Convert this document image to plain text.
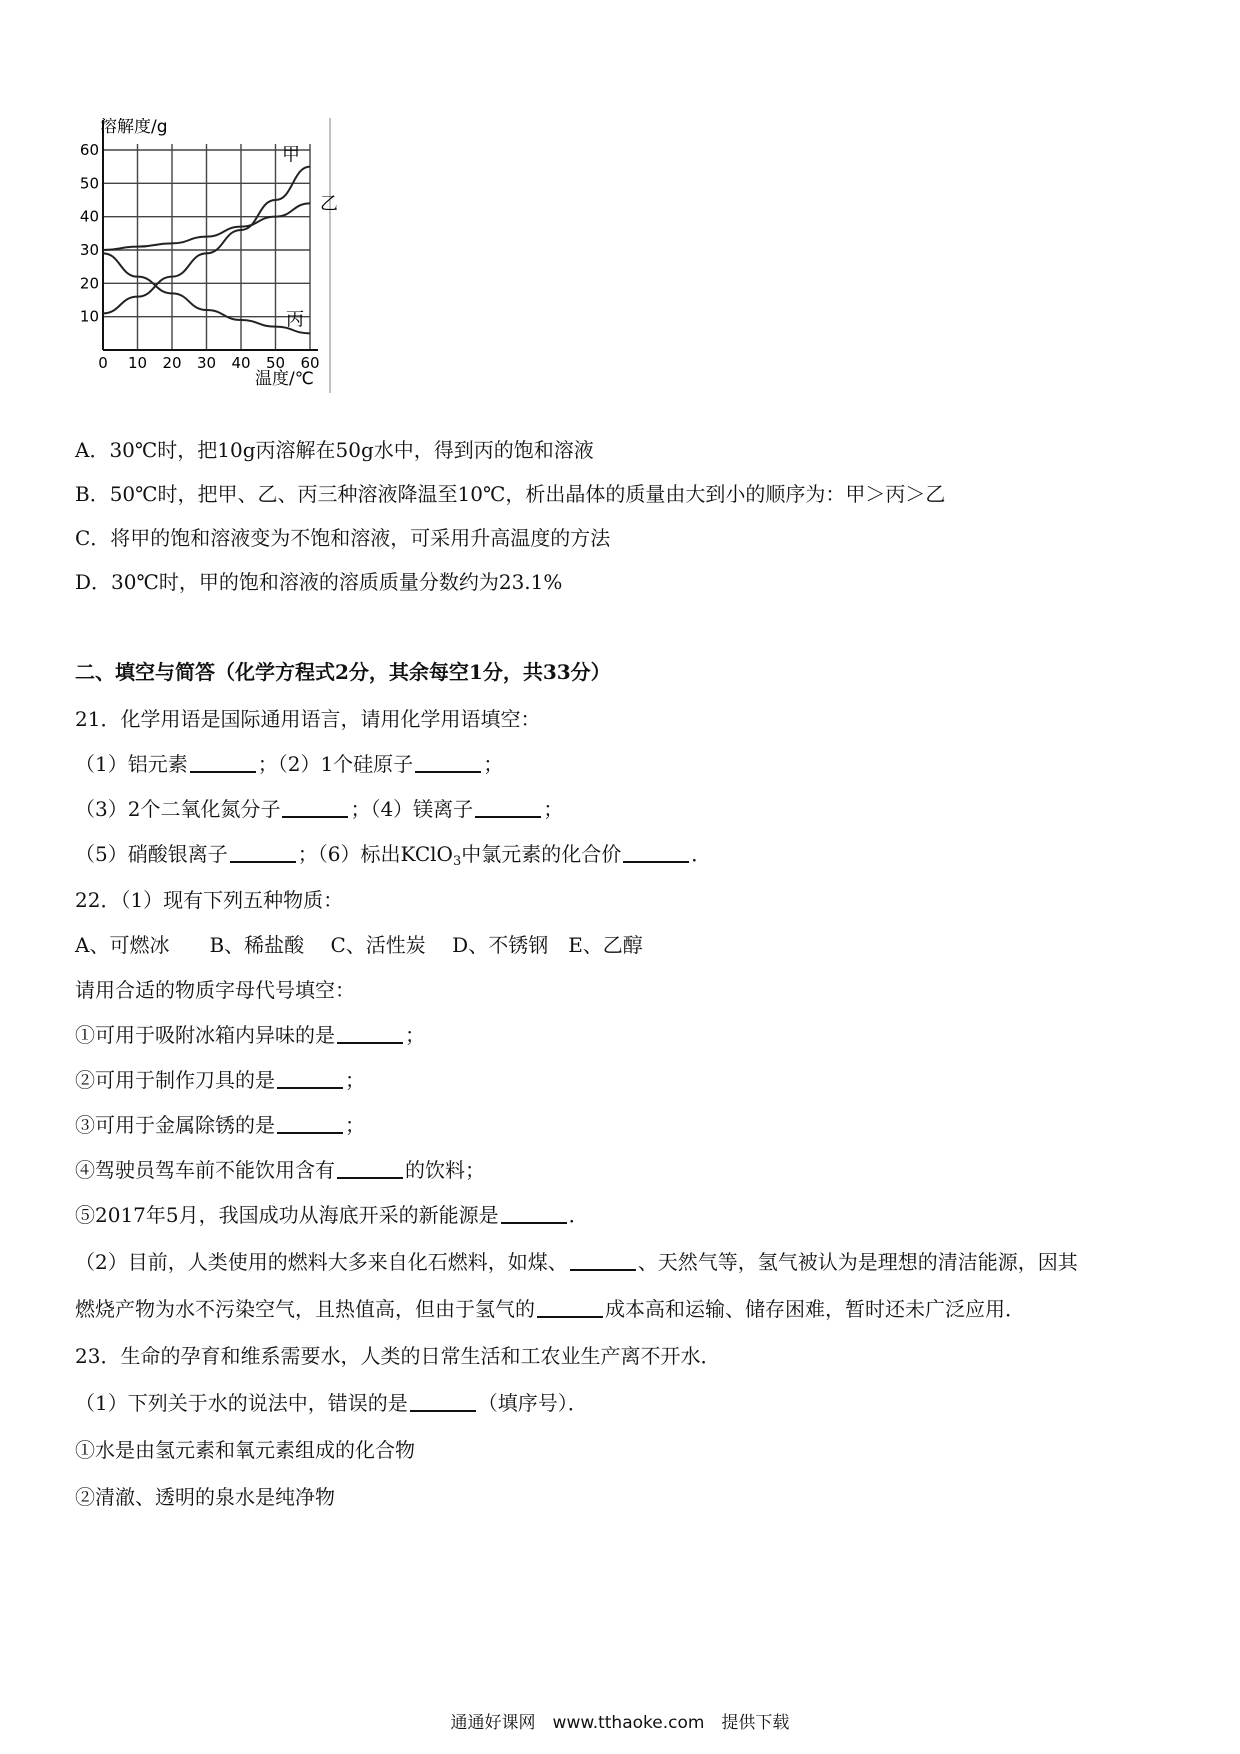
0 10 20 30 40 50 60
10
20
30
40
50
60	甲
乙
丙
溶解度/g
温度/℃
A．30℃时，把10g丙溶解在50g水中，得到丙的饱和溶液
B．50℃时，把甲、乙、丙三种溶液降温至10℃，析出晶体的质量由大到小的顺序为：甲＞丙＞乙
C．将甲的饱和溶液变为不饱和溶液，可采用升高温度的方法
D．30℃时，甲的饱和溶液的溶质质量分数约为23.1%
二、填空与简答（化学方程式2分，其余每空1分，共33分）
21．化学用语是国际通用语言，请用化学用语填空：
（1）铝元素	；（2）1个硅原子	；
（3）2个二氧化氮分子	；（4）镁离子	；
（5）硝酸银离子	；（6）标出KClO$_3$中氯元素的化合价	．
22．（1）现有下列五种物质：
A、可燃冰　　B、稀盐酸　 C、活性炭　 D、不锈钢　E、乙醇
请用合适的物质字母代号填空：
①可用于吸附冰箱内异味的是	；
②可用于制作刀具的是	；
③可用于金属除锈的是	；
④驾驶员驾车前不能饮用含有	的饮料；
⑤2017年5月，我国成功从海底开采的新能源是	．
（2）目前，人类使用的燃料大多来自化石燃料，如煤、	、天然气等，氢气被认为是理想的清洁能源，因其
燃烧产物为水不污染空气，且热值高，但由于氢气的	成本高和运输、储存困难，暂时还未广泛应用．
23．生命的孕育和维系需要水，人类的日常生活和工农业生产离不开水．
（1）下列关于水的说法中，错误的是	（填序号）．
①水是由氢元素和氧元素组成的化合物
②清澈、透明的泉水是纯净物
通通好课网　www.tthaoke.com　提供下载
